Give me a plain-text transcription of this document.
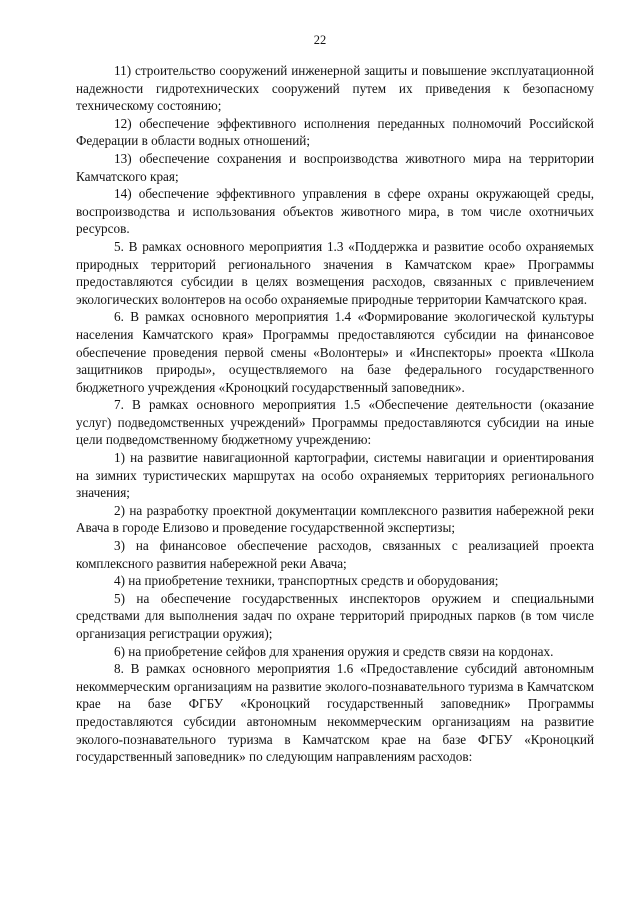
22

11) строительство сооружений инженерной защиты и повышение эксплуатационной надежности гидротехнических сооружений путем их приведения к безопасному техническому состоянию;

12) обеспечение эффективного исполнения переданных полномочий Российской Федерации в области водных отношений;

13) обеспечение сохранения и воспроизводства животного мира на территории Камчатского края;

14) обеспечение эффективного управления в сфере охраны окружающей среды, воспроизводства и использования объектов животного мира, в том числе охотничьих ресурсов.

5. В рамках основного мероприятия 1.3 «Поддержка и развитие особо охраняемых природных территорий регионального значения в Камчатском крае» Программы предоставляются субсидии в целях возмещения расходов, связанных с привлечением экологических волонтеров на особо охраняемые природные территории Камчатского края.

6. В рамках основного мероприятия 1.4 «Формирование экологической культуры населения Камчатского края» Программы предоставляются субсидии на финансовое обеспечение проведения первой смены «Волонтеры» и «Инспекторы» проекта «Школа защитников природы», осуществляемого на базе федерального государственного бюджетного учреждения «Кроноцкий государственный заповедник».

7. В рамках основного мероприятия 1.5 «Обеспечение деятельности (оказание услуг) подведомственных учреждений» Программы предоставляются субсидии на иные цели подведомственному бюджетному учреждению:

1) на развитие навигационной картографии, системы навигации и ориентирования на зимних туристических маршрутах на особо охраняемых территориях регионального значения;

2) на разработку проектной документации комплексного развития набережной реки Авача в городе Елизово и проведение государственной экспертизы;

3) на финансовое обеспечение расходов, связанных с реализацией проекта комплексного развития набережной реки Авача;

4) на приобретение техники, транспортных средств и оборудования;

5) на обеспечение государственных инспекторов оружием и специальными средствами для выполнения задач по охране территорий природных парков (в том числе организация регистрации оружия);

6) на приобретение сейфов для хранения оружия и средств связи на кордонах.

8. В рамках основного мероприятия 1.6 «Предоставление субсидий автономным некоммерческим организациям на развитие эколого-познавательного туризма в Камчатском крае на базе ФГБУ «Кроноцкий государственный заповедник» Программы предоставляются субсидии автономным некоммерческим организациям на развитие эколого-познавательного туризма в Камчатском крае на базе ФГБУ «Кроноцкий государственный заповедник» по следующим направлениям расходов:
